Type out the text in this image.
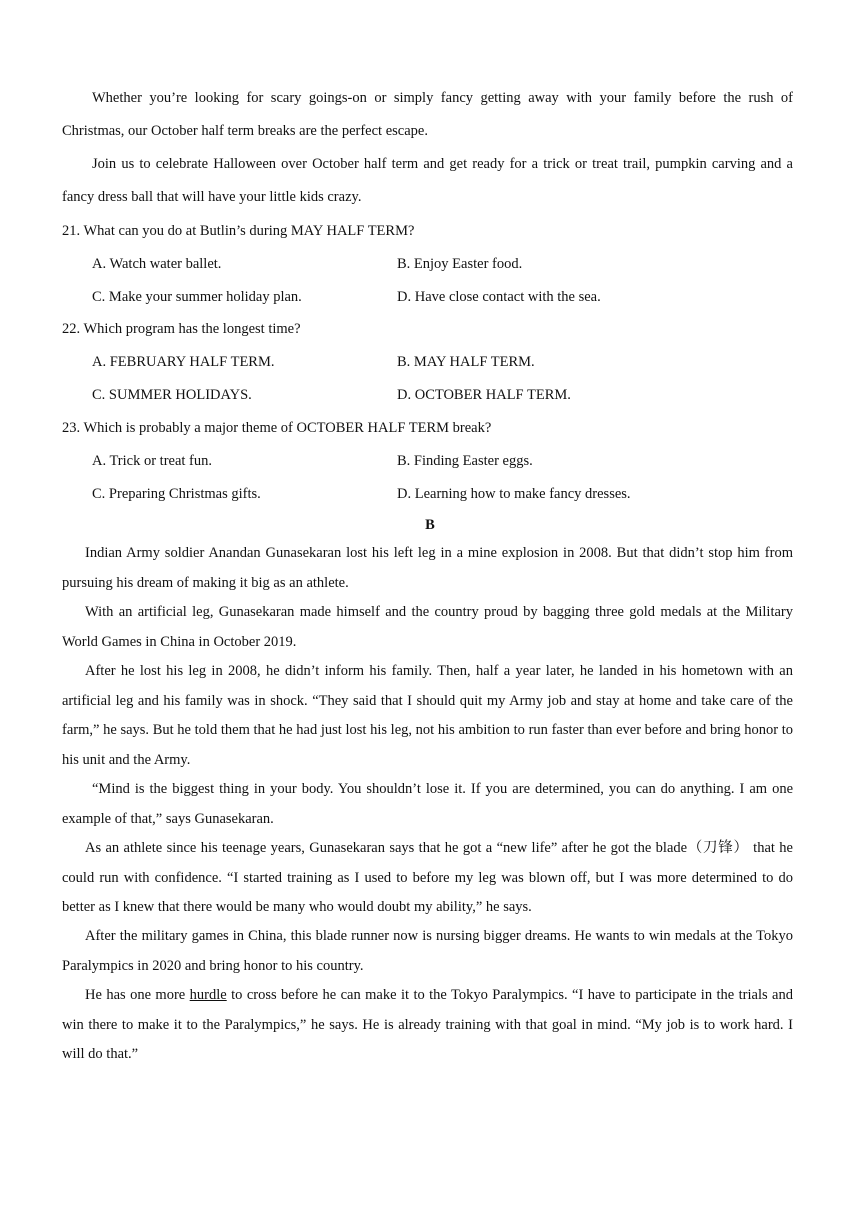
Whether you’re looking for scary goings-on or simply fancy getting away with your family before the rush of Christmas, our October half term breaks are the perfect escape.
Join us to celebrate Halloween over October half term and get ready for a trick or treat trail, pumpkin carving and a fancy dress ball that will have your little kids crazy.
21. What can you do at Butlin’s during MAY HALF TERM?
A. Watch water ballet.	B. Enjoy Easter food.
C. Make your summer holiday plan.	D. Have close contact with the sea.
22. Which program has the longest time?
A. FEBRUARY HALF TERM.	B. MAY HALF TERM.
C. SUMMER HOLIDAYS.	D. OCTOBER HALF TERM.
23. Which is probably a major theme of OCTOBER HALF TERM break?
A. Trick or treat fun.	B. Finding Easter eggs.
C. Preparing Christmas gifts.	D. Learning how to make fancy dresses.
B
Indian Army soldier Anandan Gunasekaran lost his left leg in a mine explosion in 2008. But that didn’t stop him from pursuing his dream of making it big as an athlete.
With an artificial leg, Gunasekaran made himself and the country proud by bagging three gold medals at the Military World Games in China in October 2019.
After he lost his leg in 2008, he didn’t inform his family. Then, half a year later, he landed in his hometown with an artificial leg and his family was in shock. “They said that I should quit my Army job and stay at home and take care of the farm,” he says. But he told them that he had just lost his leg, not his ambition to run faster than ever before and bring honor to his unit and the Army.
“Mind is the biggest thing in your body. You shouldn’t lose it. If you are determined, you can do anything. I am one example of that,” says Gunasekaran.
As an athlete since his teenage years, Gunasekaran says that he got a “new life” after he got the blade（刀锋） that he could run with confidence. “I started training as I used to before my leg was blown off, but I was more determined to do better as I knew that there would be many who would doubt my ability,” he says.
After the military games in China, this blade runner now is nursing bigger dreams. He wants to win medals at the Tokyo Paralympics in 2020 and bring honor to his country.
He has one more hurdle to cross before he can make it to the Tokyo Paralympics. “I have to participate in the trials and win there to make it to the Paralympics,” he says. He is already training with that goal in mind. “My job is to work hard. I will do that.”
